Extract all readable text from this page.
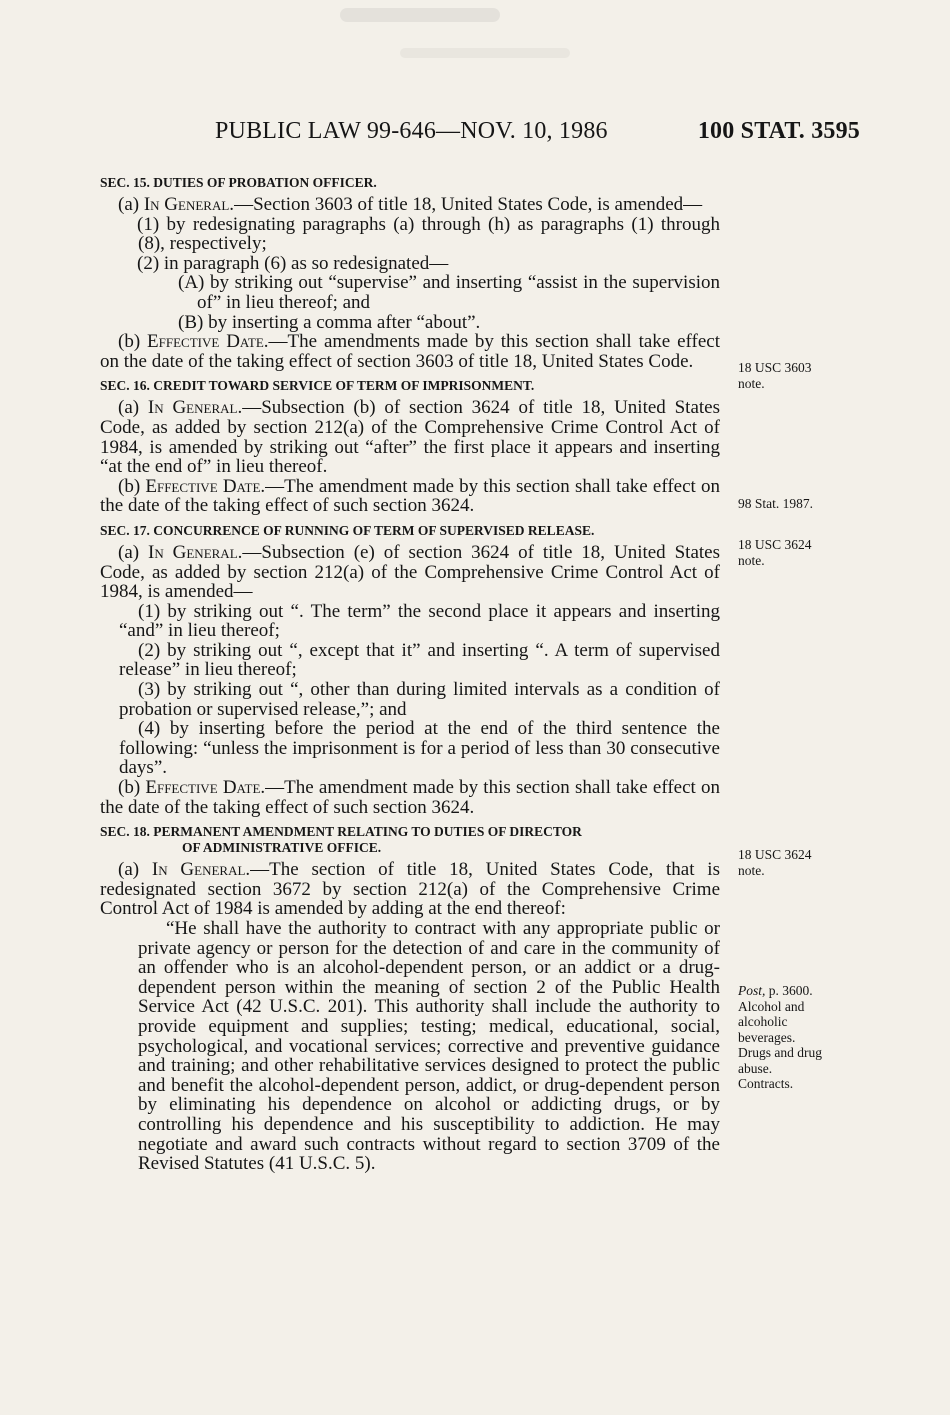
PUBLIC LAW 99-646—NOV. 10, 1986	100 STAT. 3595
SEC. 15. DUTIES OF PROBATION OFFICER.

(a) In General.—Section 3603 of title 18, United States Code, is amended—

(1) by redesignating paragraphs (a) through (h) as paragraphs (1) through (8), respectively;

(2) in paragraph (6) as so redesignated—

(A) by striking out “supervise” and inserting “assist in the supervision of” in lieu thereof; and

(B) by inserting a comma after “about”.

(b) Effective Date.—The amendments made by this section shall take effect on the date of the taking effect of section 3603 of title 18, United States Code.

SEC. 16. CREDIT TOWARD SERVICE OF TERM OF IMPRISONMENT.

(a) In General.—Subsection (b) of section 3624 of title 18, United States Code, as added by section 212(a) of the Comprehensive Crime Control Act of 1984, is amended by striking out “after” the first place it appears and inserting “at the end of” in lieu thereof.

(b) Effective Date.—The amendment made by this section shall take effect on the date of the taking effect of such section 3624.

SEC. 17. CONCURRENCE OF RUNNING OF TERM OF SUPERVISED RELEASE.

(a) In General.—Subsection (e) of section 3624 of title 18, United States Code, as added by section 212(a) of the Comprehensive Crime Control Act of 1984, is amended—

(1) by striking out “. The term” the second place it appears and inserting “and” in lieu thereof;

(2) by striking out “, except that it” and inserting “. A term of supervised release” in lieu thereof;

(3) by striking out “, other than during limited intervals as a condition of probation or supervised release,”; and

(4) by inserting before the period at the end of the third sentence the following: “unless the imprisonment is for a period of less than 30 consecutive days”.

(b) Effective Date.—The amendment made by this section shall take effect on the date of the taking effect of such section 3624.

SEC. 18. PERMANENT AMENDMENT RELATING TO DUTIES OF DIRECTOR
OF ADMINISTRATIVE OFFICE.

(a) In General.—The section of title 18, United States Code, that is redesignated section 3672 by section 212(a) of the Comprehensive Crime Control Act of 1984 is amended by adding at the end thereof:

“He shall have the authority to contract with any appropriate public or private agency or person for the detection of and care in the community of an offender who is an alcohol-dependent person, or an addict or a drug-dependent person within the meaning of section 2 of the Public Health Service Act (42 U.S.C. 201). This authority shall include the authority to provide equipment and supplies; testing; medical, educational, social, psychological, and vocational services; corrective and preventive guidance and training; and other rehabilitative services designed to protect the public and benefit the alcohol-dependent person, addict, or drug-dependent person by eliminating his dependence on alcohol or addicting drugs, or by controlling his dependence and his susceptibility to addiction. He may negotiate and award such contracts without regard to section 3709 of the Revised Statutes (41 U.S.C. 5).

18 USC 3603
note.
98 Stat. 1987.
18 USC 3624
note.
18 USC 3624
note.
Post, p. 3600.
Alcohol and
alcoholic
beverages.
Drugs and drug
abuse.
Contracts.
